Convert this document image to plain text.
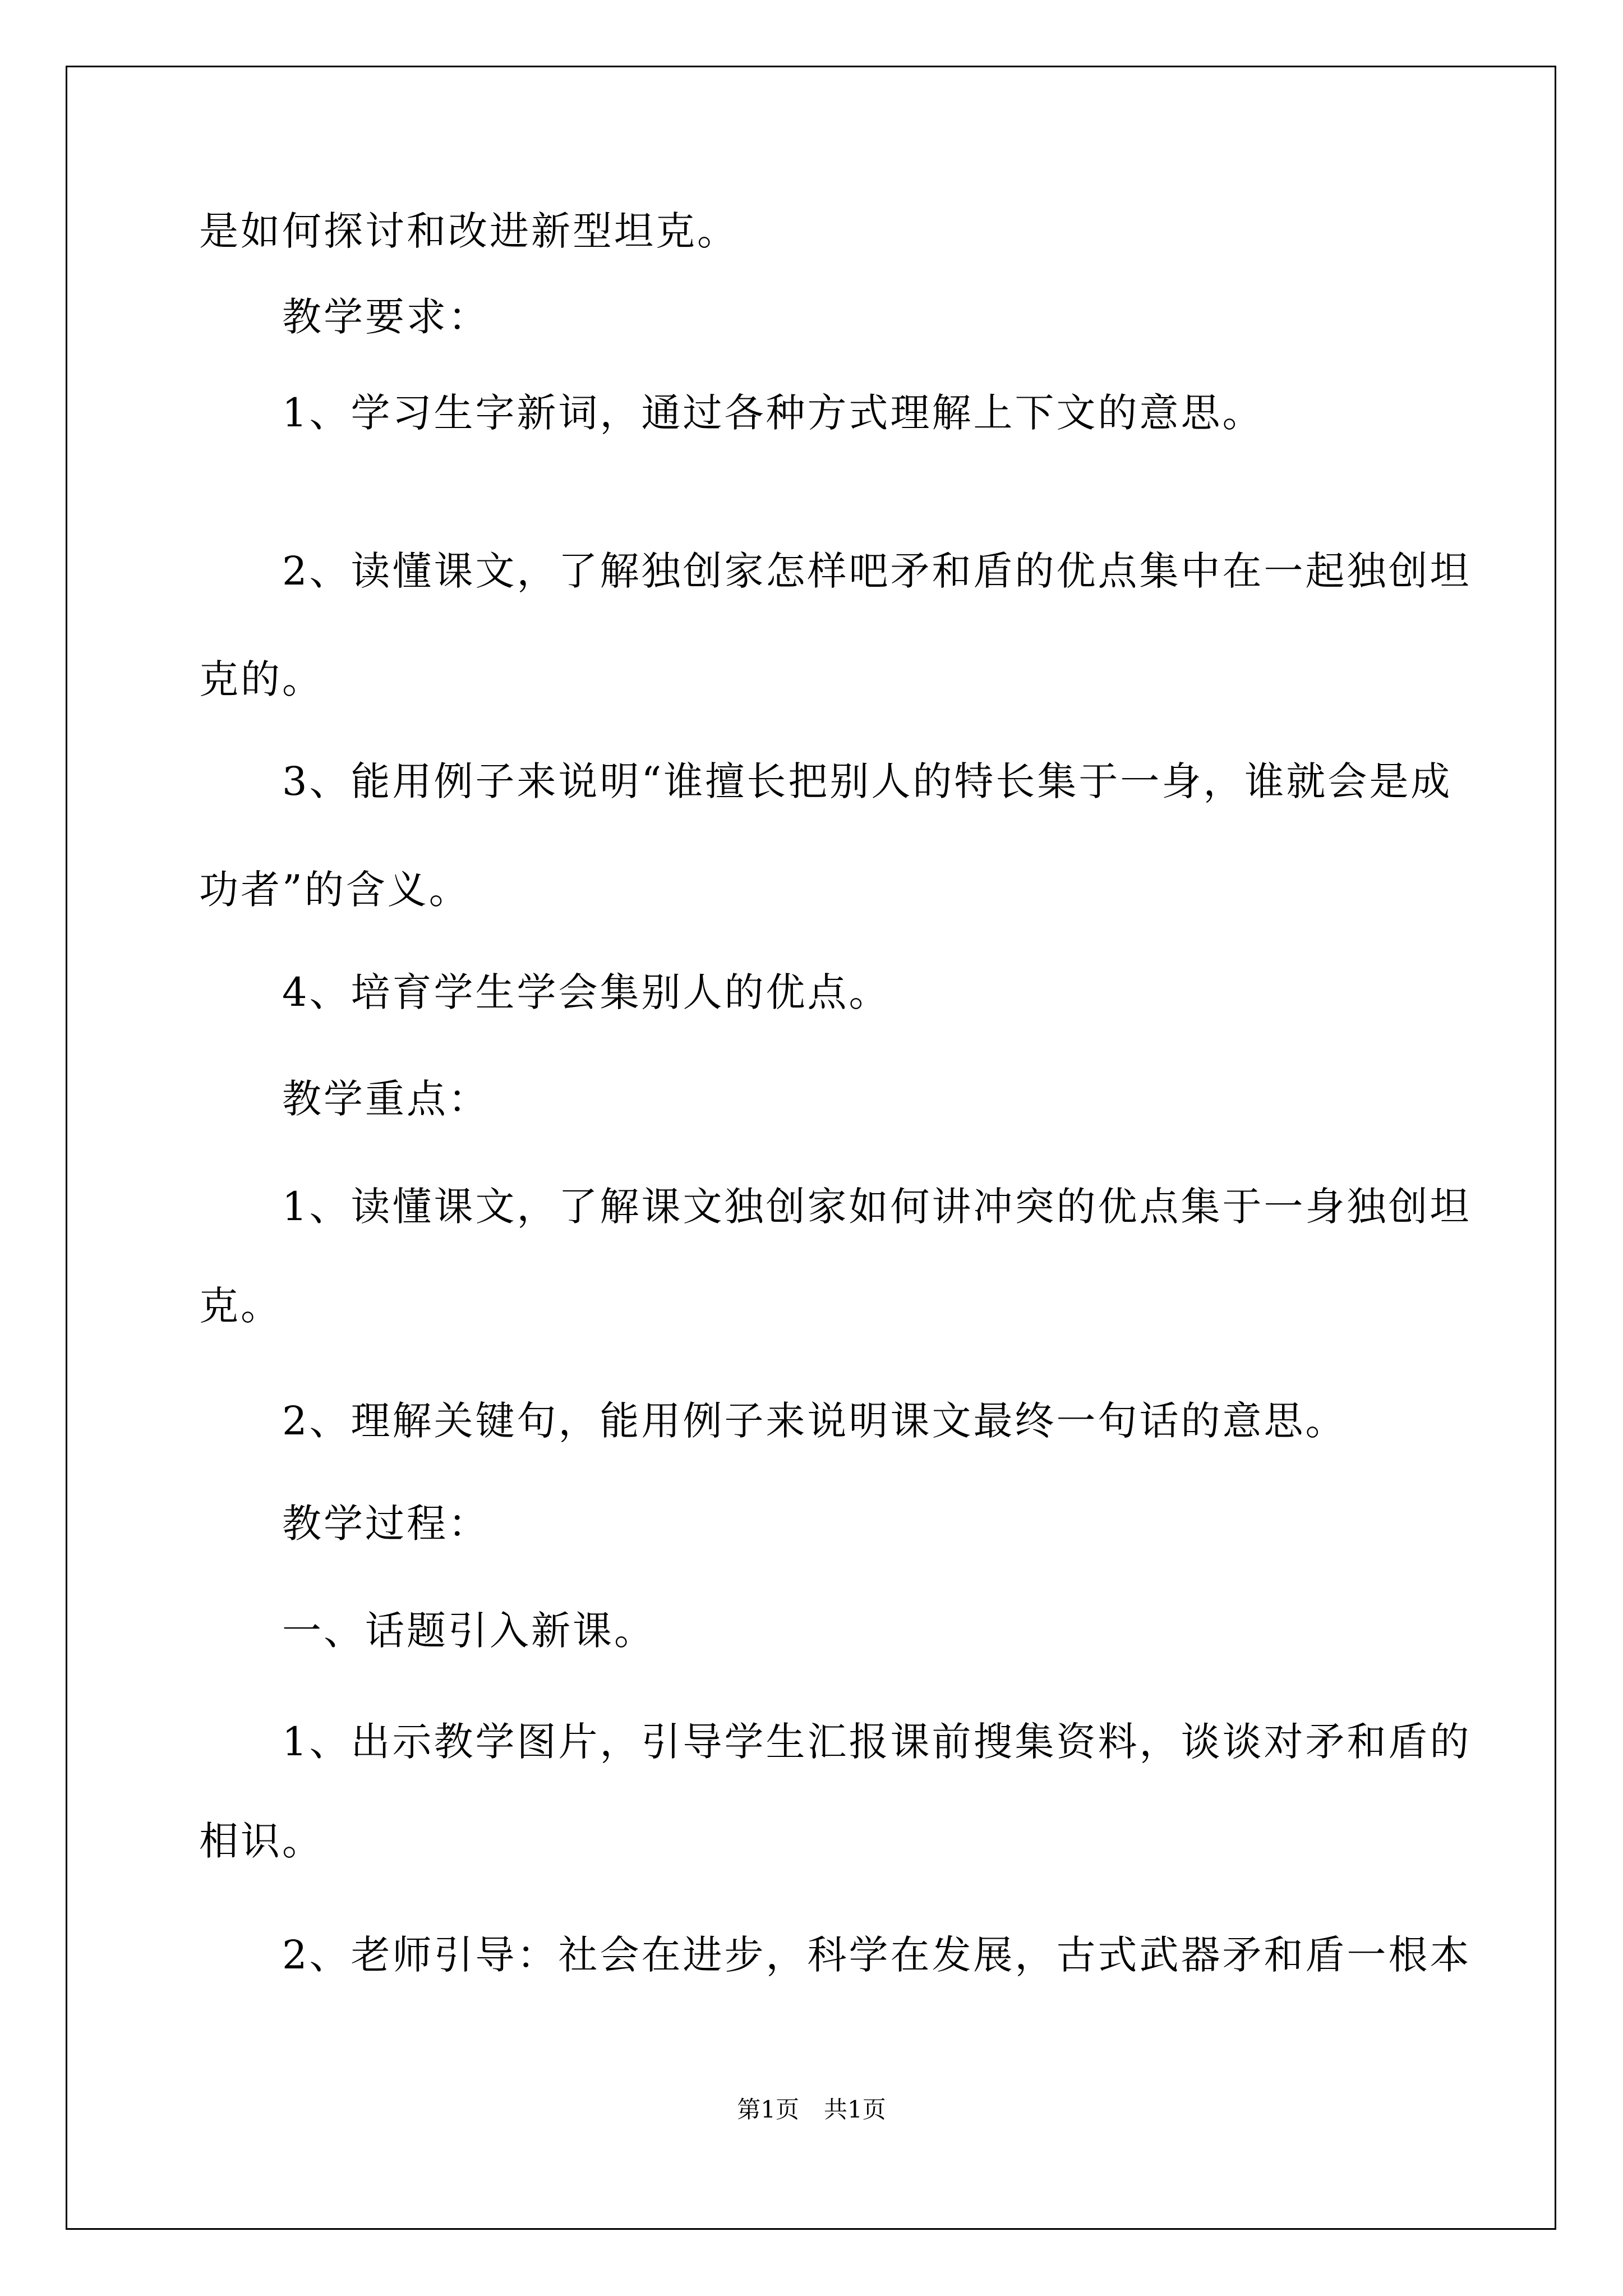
是如何探讨和改进新型坦克。
教学要求：
1、学习生字新词，通过各种方式理解上下文的意思。
2、读懂课文，了解独创家怎样吧矛和盾的优点集中在一起独创坦
克的。
3、能用例子来说明“谁擅长把别人的特长集于一身，谁就会是成
功者”的含义。
4、培育学生学会集别人的优点。
教学重点：
1、读懂课文，了解课文独创家如何讲冲突的优点集于一身独创坦
克。
2、理解关键句，能用例子来说明课文最终一句话的意思。
教学过程：
一、话题引入新课。
1、出示教学图片，引导学生汇报课前搜集资料，谈谈对矛和盾的
相识。
2、老师引导：社会在进步，科学在发展，古式武器矛和盾一根本
第1页 共1页
